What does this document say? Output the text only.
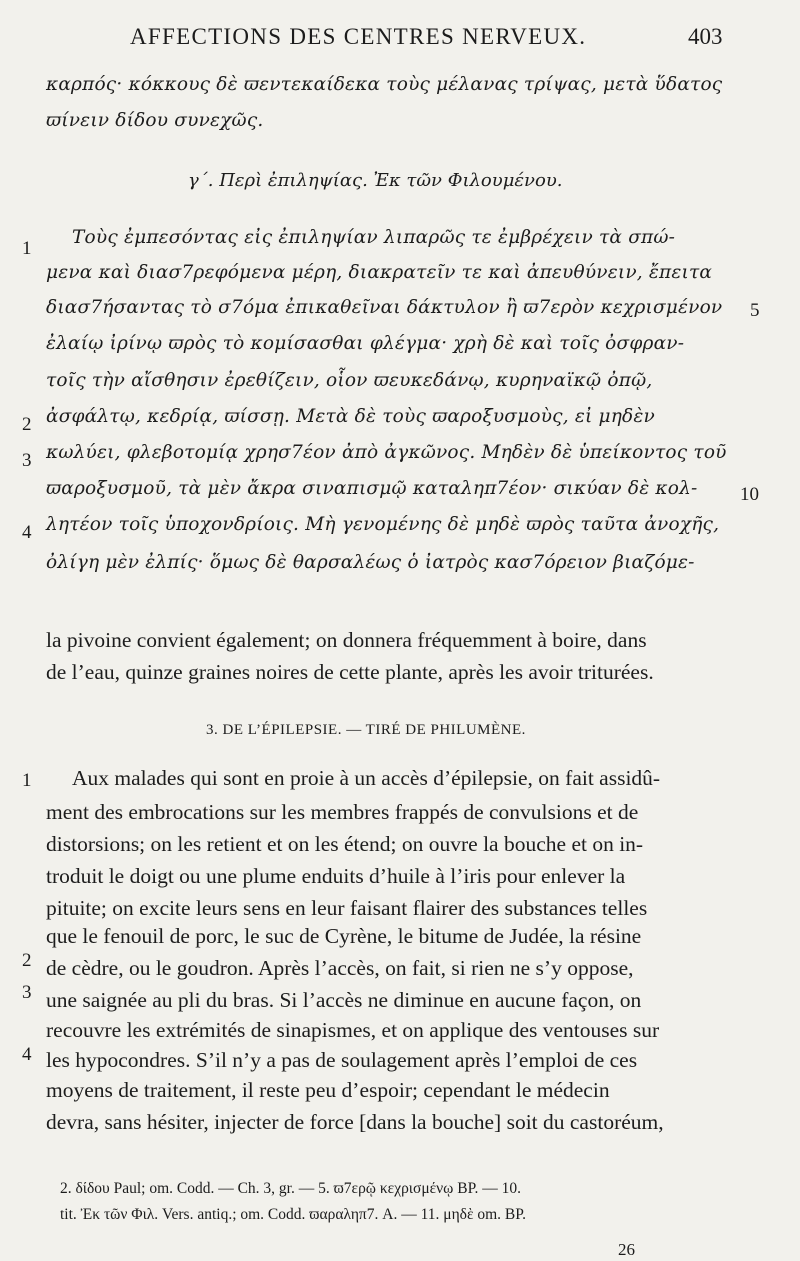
AFFECTIONS DES CENTRES NERVEUX.	403
καρπός· κόκκους δὲ ϖεντεκαίδεκα τοὺς μέλανας τρίψας, μετὰ ὕδατος
ϖίνειν δίδου συνεχῶς.
γ΄. Περὶ ἐπιληψίας. Ἐκ τῶν Φιλουμένου.
Τοὺς ἐμπεσόντας εἰς ἐπιληψίαν λιπαρῶς τε ἐμβρέχειν τὰ σπώ-
μενα καὶ διασ7ρεφόμενα μέρη, διακρατεῖν τε καὶ ἀπευθύνειν, ἔπειτα
διασ7ήσαντας τὸ σ7όμα ἐπικαθεῖναι δάκτυλον ἢ ϖ7ερὸν κεχρισμένον
ἐλαίῳ ἰρίνῳ ϖρὸς τὸ κομίσασθαι φλέγμα· χρὴ δὲ καὶ τοῖς ὀσφραν-
τοῖς τὴν αἴσθησιν ἐρεθίζειν, οἷον ϖευκεδάνῳ, κυρηναϊκῷ ὀπῷ,
ἀσφάλτῳ, κεδρίᾳ, ϖίσσῃ. Μετὰ δὲ τοὺς ϖαροξυσμοὺς, εἰ μηδὲν
κωλύει, φλεβοτομίᾳ χρησ7έον ἀπὸ ἀγκῶνος. Μηδὲν δὲ ὑπείκοντος τοῦ
ϖαροξυσμοῦ, τὰ μὲν ἄκρα σιναπισμῷ καταληπ7έον· σικύαν δὲ κολ-
λητέον τοῖς ὑποχονδρίοις. Μὴ γενομένης δὲ μηδὲ ϖρὸς ταῦτα ἀνοχῆς,
ὀλίγη μὲν ἐλπίς· ὅμως δὲ θαρσαλέως ὁ ἰατρὸς κασ7όρειον βιαζόμε-
1
2
3
4
5
10
la pivoine convient également; on donnera fréquemment à boire, dans
de l’eau, quinze graines noires de cette plante, après les avoir triturées.
3. DE L’ÉPILEPSIE. — TIRÉ DE PHILUMÈNE.
Aux malades qui sont en proie à un accès d’épilepsie, on fait assidû-
ment des embrocations sur les membres frappés de convulsions et de
distorsions; on les retient et on les étend; on ouvre la bouche et on in-
troduit le doigt ou une plume enduits d’huile à l’iris pour enlever la
pituite; on excite leurs sens en leur faisant flairer des substances telles
que le fenouil de porc, le suc de Cyrène, le bitume de Judée, la résine
de cèdre, ou le goudron. Après l’accès, on fait, si rien ne s’y oppose,
une saignée au pli du bras. Si l’accès ne diminue en aucune façon, on
recouvre les extrémités de sinapismes, et on applique des ventouses sur
les hypocondres. S’il n’y a pas de soulagement après l’emploi de ces
moyens de traitement, il reste peu d’espoir; cependant le médecin
devra, sans hésiter, injecter de force [dans la bouche] soit du castoréum,
1
2
3
4
2. δίδου Paul; om. Codd. — Ch. 3, gr. — 5. ϖ7ερῷ κεχρισμένῳ BP. — 10.
tit. Ἐκ τῶν Φιλ. Vers. antiq.; om. Codd. ϖαραληπ7. A. — 11. μηδὲ om. BP.
26
